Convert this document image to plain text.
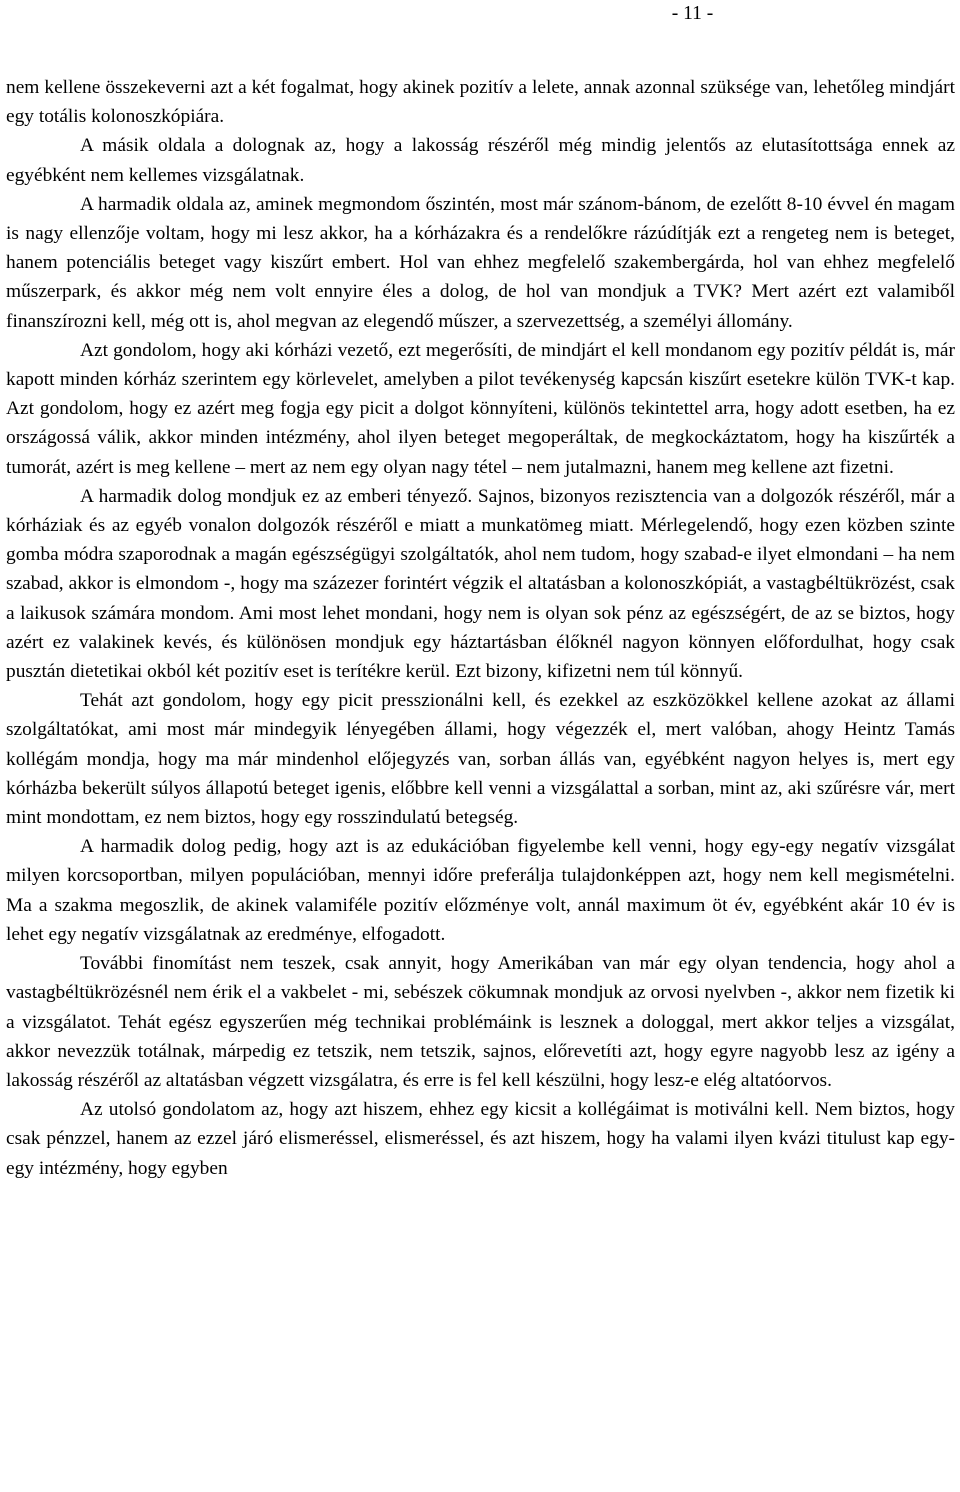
- 11 -

nem kellene összekeverni azt a két fogalmat, hogy akinek pozitív a lelete, annak azonnal szüksége van, lehetőleg mindjárt egy totális kolonoszkópiára.

A másik oldala a dolognak az, hogy a lakosság részéről még mindig jelentős az elutasítottsága ennek az egyébként nem kellemes vizsgálatnak.

A harmadik oldala az, aminek megmondom őszintén, most már szánom-bánom, de ezelőtt 8-10 évvel én magam is nagy ellenzője voltam, hogy mi lesz akkor, ha a kórházakra és a rendelőkre rázúdítják ezt a rengeteg nem is beteget, hanem potenciális beteget vagy kiszűrt embert. Hol van ehhez megfelelő szakembergárda, hol van ehhez megfelelő műszerpark, és akkor még nem volt ennyire éles a dolog, de hol van mondjuk a TVK? Mert azért ezt valamiből finanszírozni kell, még ott is, ahol megvan az elegendő műszer, a szervezettség, a személyi állomány.

Azt gondolom, hogy aki kórházi vezető, ezt megerősíti, de mindjárt el kell mondanom egy pozitív példát is, már kapott minden kórház szerintem egy körlevelet, amelyben a pilot tevékenység kapcsán kiszűrt esetekre külön TVK-t kap. Azt gondolom, hogy ez azért meg fogja egy picit a dolgot könnyíteni, különös tekintettel arra, hogy adott esetben, ha ez országossá válik, akkor minden intézmény, ahol ilyen beteget megoperáltak, de megkockáztatom, hogy ha kiszűrték a tumorát, azért is meg kellene – mert az nem egy olyan nagy tétel – nem jutalmazni, hanem meg kellene azt fizetni.

A harmadik dolog mondjuk ez az emberi tényező. Sajnos, bizonyos rezisztencia van a dolgozók részéről, már a kórháziak és az egyéb vonalon dolgozók részéről e miatt a munkatömeg miatt. Mérlegelendő, hogy ezen közben szinte gomba módra szaporodnak a magán egészségügyi szolgáltatók, ahol nem tudom, hogy szabad-e ilyet elmondani – ha nem szabad, akkor is elmondom -, hogy ma százezer forintért végzik el altatásban a kolonoszkópiát, a vastagbéltükrözést, csak a laikusok számára mondom. Ami most lehet mondani, hogy nem is olyan sok pénz az egészségért, de az se biztos, hogy azért ez valakinek kevés, és különösen mondjuk egy háztartásban élőknél nagyon könnyen előfordulhat, hogy csak pusztán dietetikai okból két pozitív eset is terítékre kerül. Ezt bizony, kifizetni nem túl könnyű.

Tehát azt gondolom, hogy egy picit presszionálni kell, és ezekkel az eszközökkel kellene azokat az állami szolgáltatókat, ami most már mindegyik lényegében állami, hogy végezzék el, mert valóban, ahogy Heintz Tamás kollégám mondja, hogy ma már mindenhol előjegyzés van, sorban állás van, egyébként nagyon helyes is, mert egy kórházba bekerült súlyos állapotú beteget igenis, előbbre kell venni a vizsgálattal a sorban, mint az, aki szűrésre vár, mert mint mondottam, ez nem biztos, hogy egy rosszindulatú betegség.

A harmadik dolog pedig, hogy azt is az edukációban figyelembe kell venni, hogy egy-egy negatív vizsgálat milyen korcsoportban, milyen populációban, mennyi időre preferálja tulajdonképpen azt, hogy nem kell megismételni. Ma a szakma megoszlik, de akinek valamiféle pozitív előzménye volt, annál maximum öt év, egyébként akár 10 év is lehet egy negatív vizsgálatnak az eredménye, elfogadott.

További finomítást nem teszek, csak annyit, hogy Amerikában van már egy olyan tendencia, hogy ahol a vastagbéltükrözésnél nem érik el a vakbelet - mi, sebészek cökumnak mondjuk az orvosi nyelvben -, akkor nem fizetik ki a vizsgálatot. Tehát egész egyszerűen még technikai problémáink is lesznek a dologgal, mert akkor teljes a vizsgálat, akkor nevezzük totálnak, márpedig ez tetszik, nem tetszik, sajnos, előrevetíti azt, hogy egyre nagyobb lesz az igény a lakosság részéről az altatásban végzett vizsgálatra, és erre is fel kell készülni, hogy lesz-e elég altatóorvos.

Az utolsó gondolatom az, hogy azt hiszem, ehhez egy kicsit a kollégáimat is motiválni kell. Nem biztos, hogy csak pénzzel, hanem az ezzel járó elismeréssel, elismeréssel, és azt hiszem, hogy ha valami ilyen kvázi titulust kap egy-egy intézmény, hogy egyben
